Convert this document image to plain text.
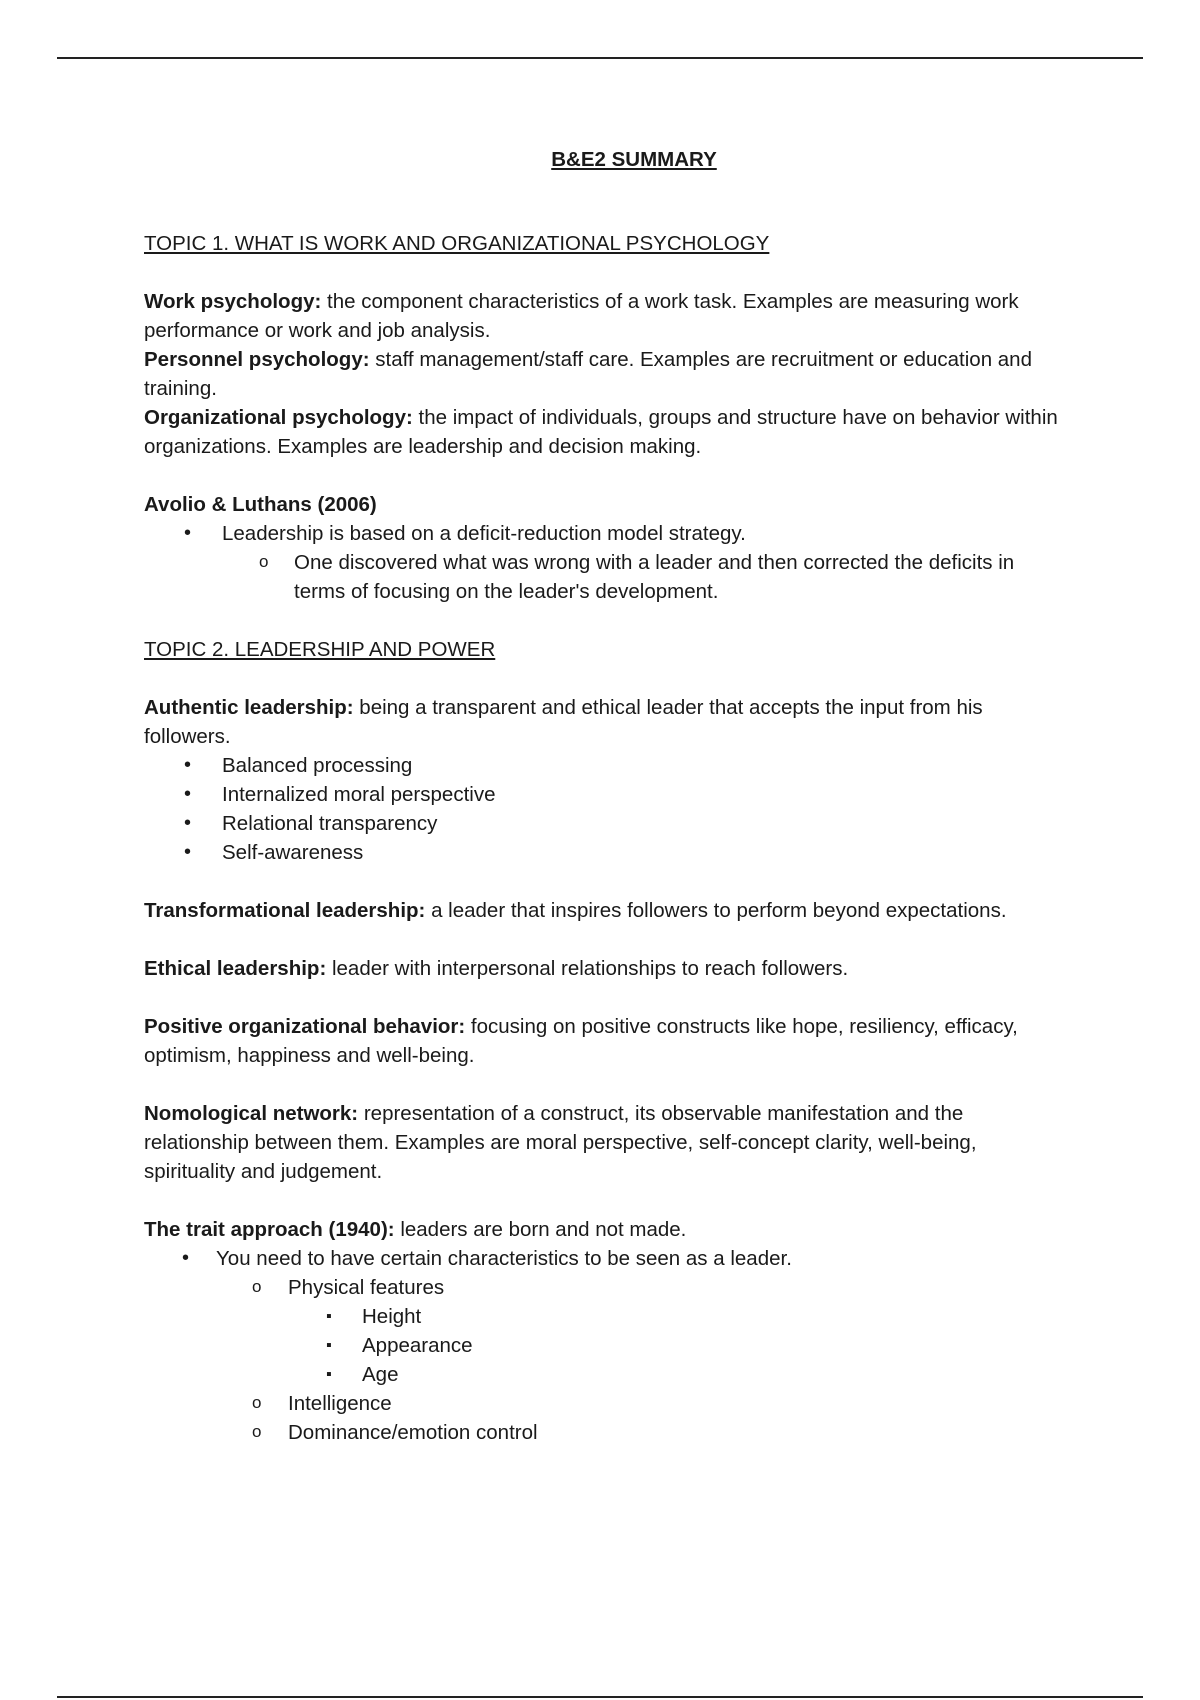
B&E2 SUMMARY

TOPIC 1. WHAT IS WORK AND ORGANIZATIONAL PSYCHOLOGY

Work psychology: the component characteristics of a work task. Examples are measuring work performance or work and job analysis.

Personnel psychology: staff management/staff care. Examples are recruitment or education and training.

Organizational psychology: the impact of individuals, groups and structure have on behavior within organizations. Examples are leadership and decision making.

Avolio & Luthans (2006)

• Leadership is based on a deficit-reduction model strategy.
o One discovered what was wrong with a leader and then corrected the deficits in terms of focusing on the leader's development.

TOPIC 2. LEADERSHIP AND POWER

Authentic leadership: being a transparent and ethical leader that accepts the input from his followers.

• Balanced processing
• Internalized moral perspective
• Relational transparency
• Self-awareness

Transformational leadership: a leader that inspires followers to perform beyond expectations.

Ethical leadership: leader with interpersonal relationships to reach followers.

Positive organizational behavior: focusing on positive constructs like hope, resiliency, efficacy, optimism, happiness and well-being.

Nomological network: representation of a construct, its observable manifestation and the relationship between them. Examples are moral perspective, self-concept clarity, well-being, spirituality and judgement.

The trait approach (1940): leaders are born and not made.

• You need to have certain characteristics to be seen as a leader.
o Physical features
▪ Height
▪ Appearance
▪ Age
o Intelligence
o Dominance/emotion control
